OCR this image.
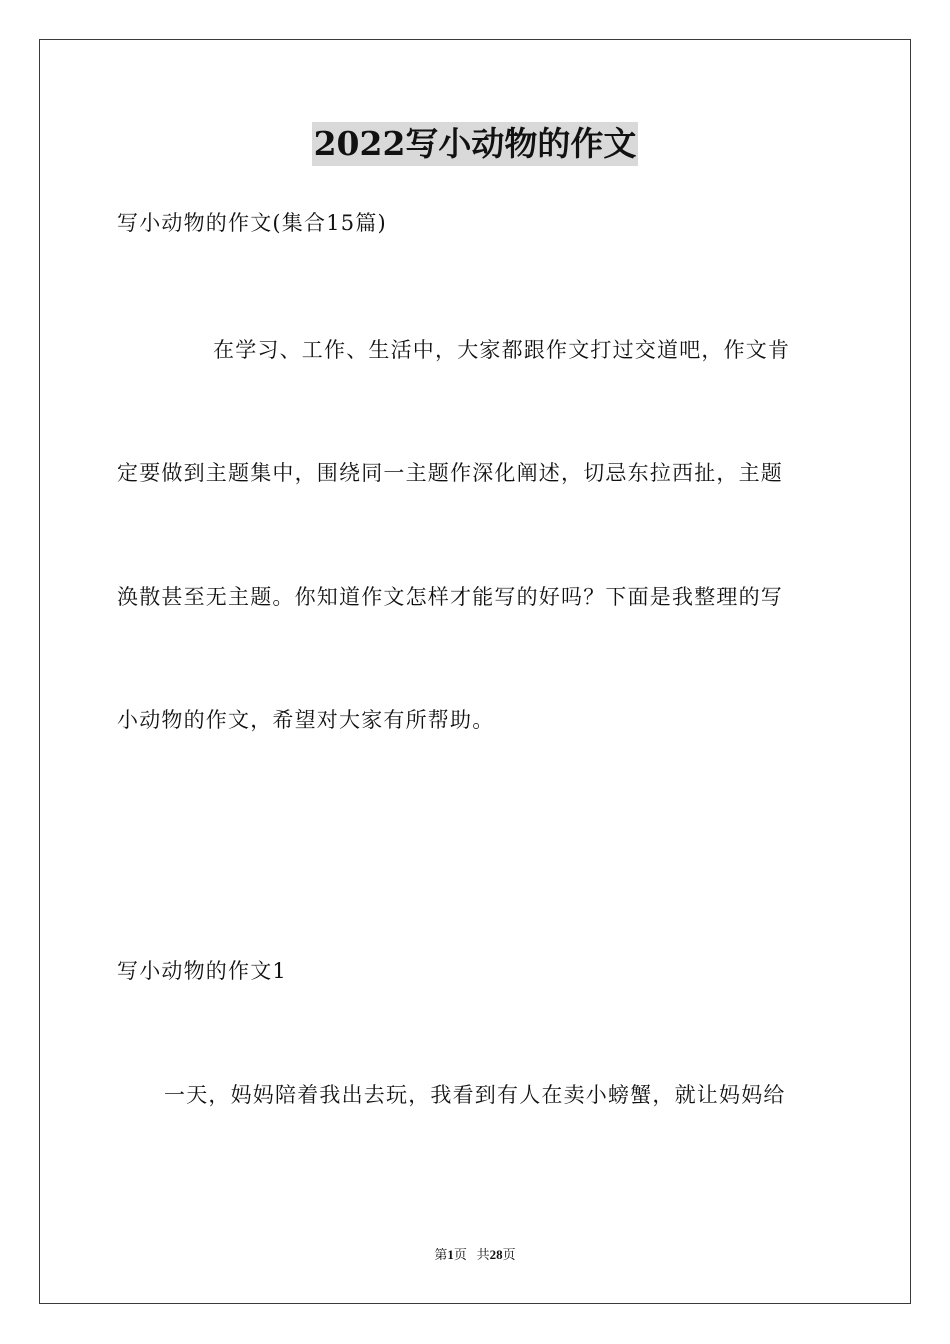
2022写小动物的作文
写小动物的作文(集合15篇)
在学习、工作、生活中，大家都跟作文打过交道吧，作文肯
定要做到主题集中，围绕同一主题作深化阐述，切忌东拉西扯，主题
涣散甚至无主题。你知道作文怎样才能写的好吗？下面是我整理的写
小动物的作文，希望对大家有所帮助。
写小动物的作文1
一天，妈妈陪着我出去玩，我看到有人在卖小螃蟹，就让妈妈给
第1页 共28页
